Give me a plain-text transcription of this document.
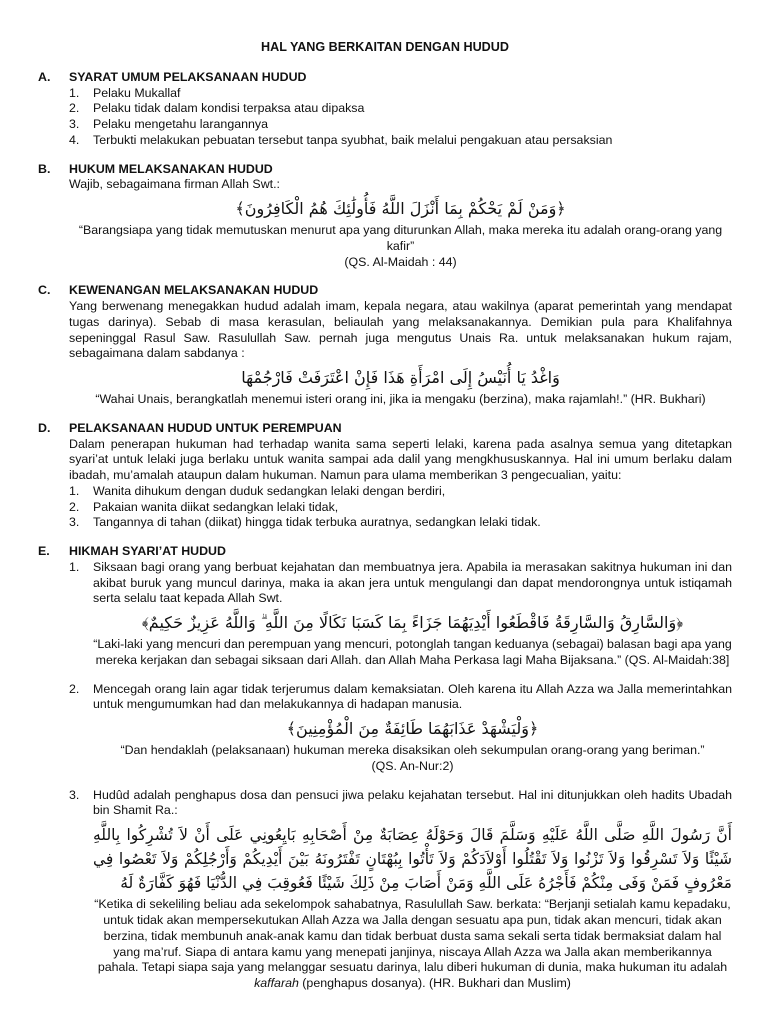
HAL YANG BERKAITAN DENGAN HUDUD
A.	SYARAT UMUM PELAKSANAAN HUDUD
1.	Pelaku Mukallaf
2.	Pelaku tidak dalam kondisi terpaksa atau dipaksa
3.	Pelaku mengetahu larangannya
4.	Terbukti melakukan pebuatan tersebut tanpa syubhat, baik melalui pengakuan atau persaksian
B.	HUKUM MELAKSANAKAN HUDUD

Wajib, sebagaimana firman Allah Swt.:

﴿وَمَنْ لَمْ يَحْكُمْ بِمَا أَنْزَلَ اللَّهُ فَأُولَٰئِكَ هُمُ الْكَافِرُونَ﴾

“Barangsiapa yang tidak memutuskan menurut apa yang diturunkan Allah, maka mereka itu adalah orang-orang yang kafir”

(QS. Al-Maidah : 44)

C.	KEWENANGAN MELAKSANAKAN HUDUD

Yang berwenang menegakkan hudud adalah imam, kepala negara, atau wakilnya (aparat pemerintah yang mendapat tugas darinya). Sebab di masa kerasulan, beliaulah yang melaksanakannya. Demikian pula para Khalifahnya sepeninggal Rasul Saw. Rasulullah Saw. pernah juga mengutus Unais Ra. untuk melaksanakan hukum rajam, sebagaimana dalam sabdanya :

وَاغْدُ يَا أُنَيْسُ إِلَى امْرَأَةِ هَذَا فَإِنْ اعْتَرَفَتْ فَارْجُمْهَا

“Wahai Unais, berangkatlah menemui isteri orang ini, jika ia mengaku (berzina), maka rajamlah!.” (HR. Bukhari)

D.	PELAKSANAAN HUDUD UNTUK PEREMPUAN

Dalam penerapan hukuman had terhadap wanita sama seperti lelaki, karena pada asalnya semua yang ditetapkan syari’at untuk lelaki juga berlaku untuk wanita sampai ada dalil yang mengkhususkannya. Hal ini umum berlaku dalam ibadah, mu’amalah ataupun dalam hukuman. Namun para ulama memberikan 3 pengecualian, yaitu:

1.	Wanita dihukum dengan duduk sedangkan lelaki dengan berdiri,
2.	Pakaian wanita diikat sedangkan lelaki tidak,
3.	Tangannya di tahan (diikat) hingga tidak terbuka auratnya, sedangkan lelaki tidak.
E.	HIKMAH SYARI’AT HUDUD
1.	Siksaan bagi orang yang berbuat kejahatan dan membuatnya jera. Apabila ia merasakan sakitnya hukuman ini dan akibat buruk yang muncul darinya, maka ia akan jera untuk mengulangi dan dapat mendorongnya untuk istiqamah serta selalu taat kepada Allah Swt.
﴿وَالسَّارِقُ وَالسَّارِقَةُ فَاقْطَعُوا أَيْدِيَهُمَا جَزَاءً بِمَا كَسَبَا نَكَالًا مِنَ اللَّهِ ۗ وَاللَّهُ عَزِيزٌ حَكِيمٌ﴾

“Laki-laki yang mencuri dan perempuan yang mencuri, potonglah tangan keduanya (sebagai) balasan bagi apa yang mereka kerjakan dan sebagai siksaan dari Allah. dan Allah Maha Perkasa lagi Maha Bijaksana.” (QS. Al-Maidah:38]

2.	Mencegah orang lain agar tidak terjerumus dalam kemaksiatan. Oleh karena itu Allah Azza wa Jalla memerintahkan untuk mengumumkan had dan melakukannya di hadapan manusia.
﴿وَلْيَشْهَدْ عَذَابَهُمَا طَائِفَةٌ مِنَ الْمُؤْمِنِينَ﴾

“Dan hendaklah (pelaksanaan) hukuman mereka disaksikan oleh sekumpulan orang-orang yang beriman.”

(QS. An-Nur:2)

3.	Hudûd adalah penghapus dosa dan pensuci jiwa pelaku kejahatan tersebut. Hal ini ditunjukkan oleh hadits Ubadah bin Shamit Ra.:
أَنَّ رَسُولَ اللَّهِ صَلَّى اللَّهُ عَلَيْهِ وَسَلَّمَ قَالَ وَحَوْلَهُ عِصَابَةٌ مِنْ أَصْحَابِهِ بَايِعُونِي عَلَى أَنْ لاَ تُشْرِكُوا بِاللَّهِ شَيْئًا وَلاَ تَسْرِقُوا وَلاَ تَزْنُوا وَلاَ تَقْتُلُوا أَوْلاَدَكُمْ وَلاَ تَأْتُوا بِبُهْتَانٍ تَفْتَرُونَهُ بَيْنَ أَيْدِيكُمْ وَأَرْجُلِكُمْ وَلاَ تَعْصُوا فِي مَعْرُوفٍ فَمَنْ وَفَى مِنْكُمْ فَأَجْرُهُ عَلَى اللَّهِ وَمَنْ أَصَابَ مِنْ ذَلِكَ شَيْئًا فَعُوقِبَ فِي الدُّنْيَا فَهُوَ كَفَّارَةٌ لَهُ

“Ketika di sekeliling beliau ada sekelompok sahabatnya, Rasulullah Saw. berkata: “Berjanji setialah kamu kepadaku, untuk tidak akan mempersekutukan Allah Azza wa Jalla dengan sesuatu apa pun, tidak akan mencuri, tidak akan berzina, tidak membunuh anak-anak kamu dan tidak berbuat dusta sama sekali serta tidak bermaksiat dalam hal yang ma’ruf. Siapa di antara kamu yang menepati janjinya, niscaya Allah Azza wa Jalla akan memberikannya pahala. Tetapi siapa saja yang melanggar sesuatu darinya, lalu diberi hukuman di dunia, maka hukuman itu adalah kaffarah (penghapus dosanya). (HR. Bukhari dan Muslim)
